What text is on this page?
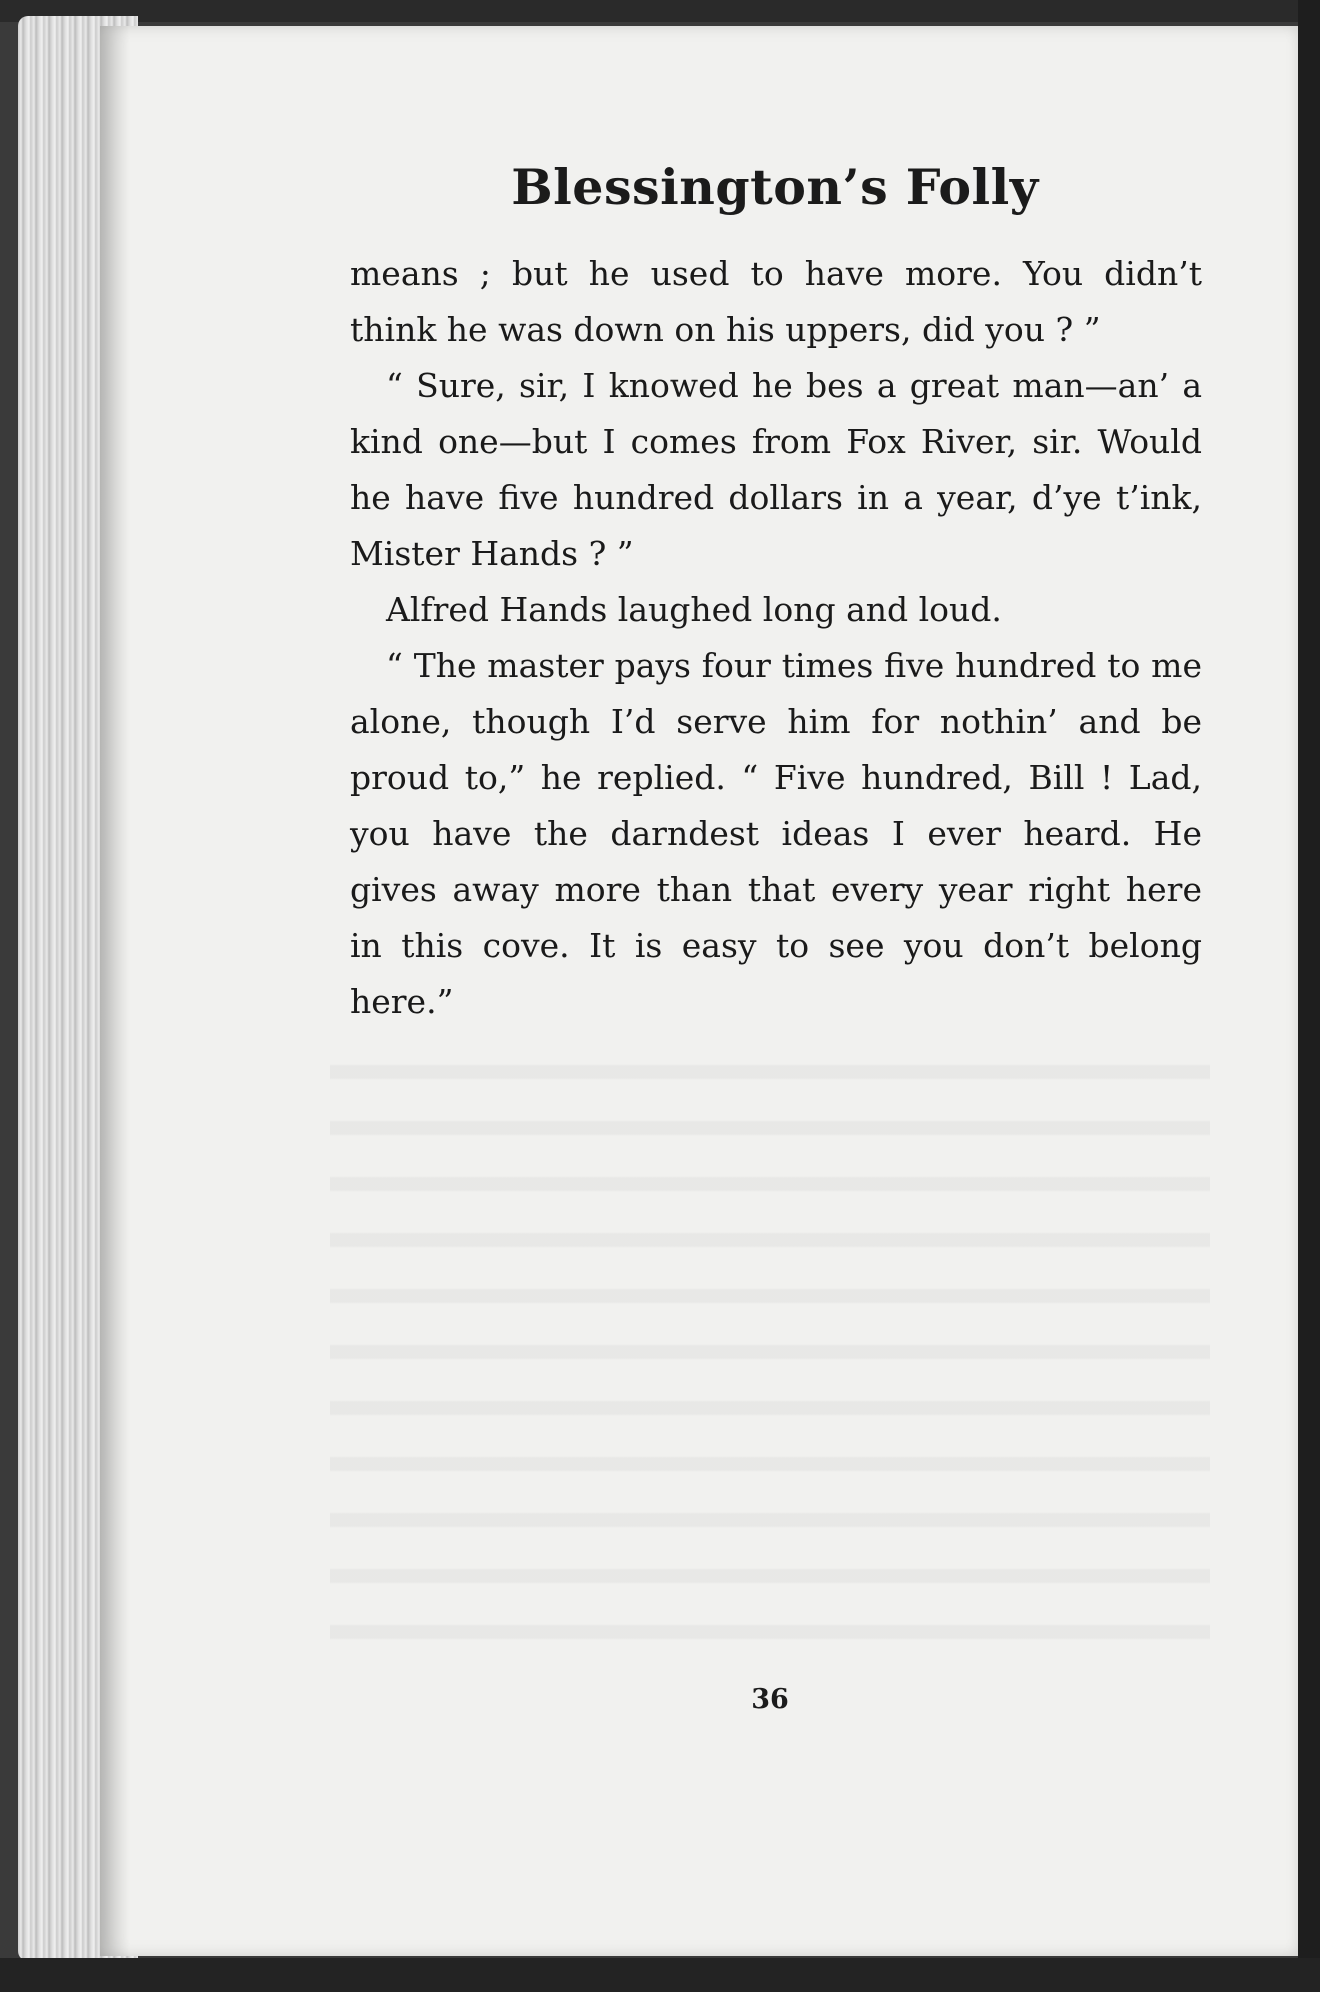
Blessington’s Folly

means ; but he used to have more. You didn’t think he was down on his uppers, did you ? ”

“ Sure, sir, I knowed he bes a great man—an’ a kind one—but I comes from Fox River, sir. Would he have five hundred dollars in a year, d’ye t’ink, Mister Hands ? ”

Alfred Hands laughed long and loud.

“ The master pays four times five hundred to me alone, though I’d serve him for nothin’ and be proud to,” he replied. “ Five hundred, Bill ! Lad, you have the darndest ideas I ever heard. He gives away more than that every year right here in this cove. It is easy to see you don’t belong here.”

36
